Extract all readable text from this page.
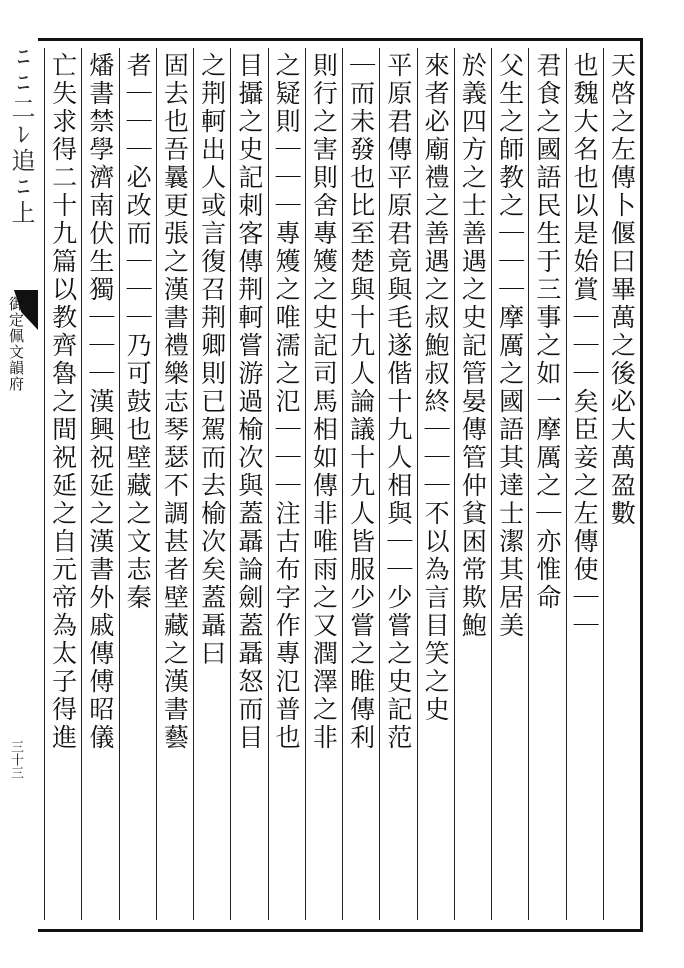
ﾆﾆ二ﾚ追ﾆ上
御定佩文韻府
三十三
天啓之左傳卜偃曰畢萬之後必大萬盈數
也魏大名也以是始賞｜｜｜矣臣妾之左傳使｜｜
君食之國語民生于三事之如一摩厲之｜亦惟命
父生之師教之｜｜｜摩厲之國語其達士潔其居美
於義四方之士善遇之史記管晏傳管仲貧困常欺鮑
來者必廟禮之善遇之叔鮑叔終｜｜｜不以為言目笑之史
平原君傳平原君竟與毛遂偕十九人相與｜｜少嘗之史記范
｜而未發也比至楚與十九人論議十九人皆服少嘗之睢傳利
則行之害則舍專矱之史記司馬相如傳非唯雨之又潤澤之非
之疑則｜｜｜專矱之唯濡之氾｜｜｜注古布字作專氾普也
目攝之史記刺客傳荆軻嘗游過榆次與蓋聶論劍蓋聶怒而目
之荆軻出人或言復召荆卿則已駕而去榆次矣蓋聶曰
固去也吾曩更張之漢書禮樂志琴瑟不調甚者壁藏之漢書藝
者｜｜｜必改而｜｜｜乃可鼓也壁藏之文志秦
燔書禁學濟南伏生獨｜｜｜漢興祝延之漢書外戚傳傅昭儀
亡失求得二十九篇以教齊魯之間祝延之自元帝為太子得進
